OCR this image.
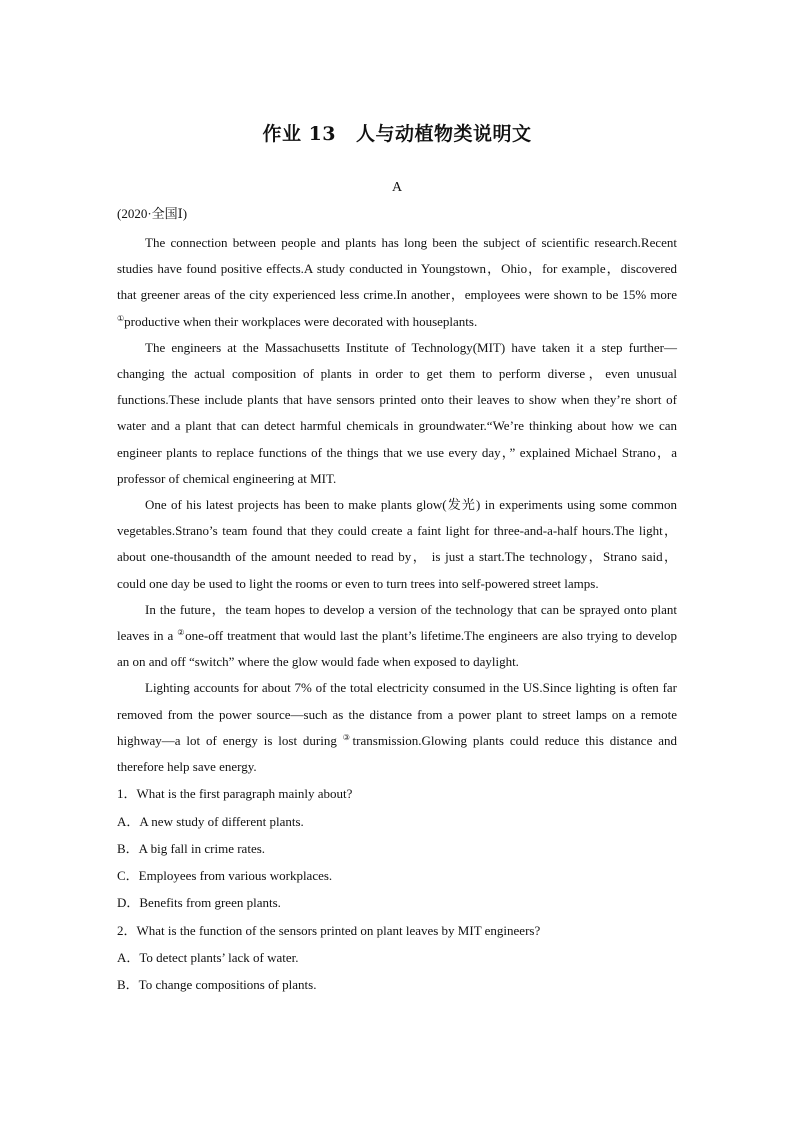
作业 13 人与动植物类说明文
A
(2020·全国Ⅰ)

The connection between people and plants has long been the subject of scientific research.Recent studies have found positive effects.A study conducted in Youngstown，Ohio，for example，discovered that greener areas of the city experienced less crime.In another，employees were shown to be 15% more ①productive when their workplaces were decorated with houseplants.

The engineers at the Massachusetts Institute of Technology(MIT) have taken it a step further—changing the actual composition of plants in order to get them to perform diverse，even unusual functions.These include plants that have sensors printed onto their leaves to show when they’re short of water and a plant that can detect harmful chemicals in groundwater.“We’re thinking about how we can engineer plants to replace functions of the things that we use every day，” explained Michael Strano，a professor of chemical engineering at MIT.

One of his latest projects has been to make plants glow(发光) in experiments using some common vegetables.Strano’s team found that they could create a faint light for three-and-a-half hours.The light， about one-thousandth of the amount needed to read by， is just a start.The technology，Strano said， could one day be used to light the rooms or even to turn trees into self-powered street lamps.

In the future，the team hopes to develop a version of the technology that can be sprayed onto plant leaves in a ②one-off treatment that would last the plant’s lifetime.The engineers are also trying to develop an on and off “switch” where the glow would fade when exposed to daylight.

Lighting accounts for about 7% of the total electricity consumed in the US.Since lighting is often far removed from the power source—such as the distance from a power plant to street lamps on a remote highway—a lot of energy is lost during ③transmission.Glowing plants could reduce this distance and therefore help save energy.

1．What is the first paragraph mainly about?
A．A new study of different plants.
B．A big fall in crime rates.
C．Employees from various workplaces.
D．Benefits from green plants.
2．What is the function of the sensors printed on plant leaves by MIT engineers?
A．To detect plants’ lack of water.
B．To change compositions of plants.
